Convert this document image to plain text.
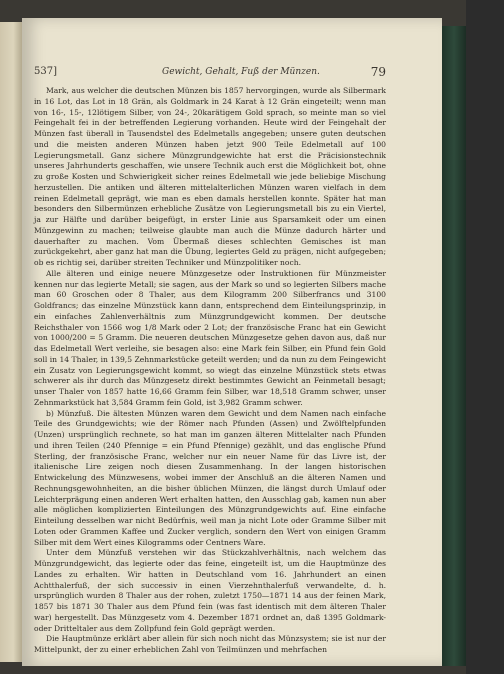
537]	Gewicht, Gehalt, Fuß der Münzen.	79

Mark, aus welcher die deutschen Münzen bis 1857 hervorgingen, wurde als Silbermark in 16 Lot, das Lot in 18 Grän, als Goldmark in 24 Karat à 12 Grän eingeteilt; wenn man von 16-, 15-, 12lötigem Silber, von 24-, 20karätigem Gold sprach, so meinte man so viel Feingehalt fei in der betreffenden Legierung vorhanden. Heute wird der Feingehalt der Münzen fast überall in Tausendstel des Edelmetalls angegeben; unsere guten deutschen und die meisten anderen Münzen haben jetzt 900 Teile Edelmetall auf 100 Legierungsmetall. Ganz sichere Münzgrundgewichte hat erst die Präcisionstechnik unseres Jahrhunderts geschaffen, wie unsere Technik auch erst die Möglichkeit bot, ohne zu große Kosten und Schwierigkeit sicher reines Edelmetall wie jede beliebige Mischung herzustellen. Die antiken und älteren mittelalterlichen Münzen waren vielfach in dem reinen Edelmetall geprägt, wie man es eben damals herstellen konnte. Später hat man besonders den Silbermünzen erhebliche Zusätze von Legierungsmetall bis zu ein Viertel, ja zur Hälfte und darüber beigefügt, in erster Linie aus Sparsamkeit oder um einen Münzgewinn zu machen; teilweise glaubte man auch die Münze dadurch härter und dauerhafter zu machen. Vom Übermaß dieses schlechten Gemisches ist man zurückgekehrt, aber ganz hat man die Übung, legiertes Geld zu prägen, nicht aufgegeben; ob es richtig sei, darüber streiten Techniker und Münzpolitiker noch.

Alle älteren und einige neuere Münzgesetze oder Instruktionen für Münzmeister kennen nur das legierte Metall; sie sagen, aus der Mark so und so legierten Silbers mache man 60 Groschen oder 8 Thaler, aus dem Kilogramm 200 Silberfrancs und 3100 Goldfrancs; das einzelne Münzstück kann dann, entsprechend dem Einteilungsprinzip, in ein einfaches Zahlenverhältnis zum Münzgrundgewicht kommen. Der deutsche Reichsthaler von 1566 wog 1/8 Mark oder 2 Lot; der französische Franc hat ein Gewicht von 1000/200 = 5 Gramm. Die neueren deutschen Münzgesetze gehen davon aus, daß nur das Edelmetall Wert verleihe, sie besagen also: eine Mark fein Silber, ein Pfund fein Gold soll in 14 Thaler, in 139,5 Zehnmarkstücke geteilt werden; und da nun zu dem Feingewicht ein Zusatz von Legierungsgewicht kommt, so wiegt das einzelne Münzstück stets etwas schwerer als ihr durch das Münzgesetz direkt bestimmtes Gewicht an Feinmetall besagt; unser Thaler von 1857 hatte 16,66 Gramm fein Silber, war 18,518 Gramm schwer, unser Zehnmarkstück hat 3,584 Gramm fein Gold, ist 3,982 Gramm schwer.

b) Münzfuß. Die ältesten Münzen waren dem Gewicht und dem Namen nach einfache Teile des Grundgewichts; wie der Römer nach Pfunden (Assen) und Zwölftelpfunden (Unzen) ursprünglich rechnete, so hat man im ganzen älteren Mittelalter nach Pfunden und ihren Teilen (240 Pfennige = ein Pfund Pfennige) gezählt, und das englische Pfund Sterling, der französische Franc, welcher nur ein neuer Name für das Livre ist, der italienische Lire zeigen noch diesen Zusammenhang. In der langen historischen Entwickelung des Münzwesens, wobei immer der Anschluß an die älteren Namen und Rechnungsgewohnheiten, an die bisher üblichen Münzen, die längst durch Umlauf oder Leichterprägung einen anderen Wert erhalten hatten, den Ausschlag gab, kamen nun aber alle möglichen komplizierten Einteilungen des Münzgrundgewichts auf. Eine einfache Einteilung desselben war nicht Bedürfnis, weil man ja nicht Lote oder Gramme Silber mit Loten oder Grammen Kaffee und Zucker verglich, sondern den Wert von einigen Gramm Silber mit dem Wert eines Kilogramms oder Centners Ware.

Unter dem Münzfuß verstehen wir das Stückzahlverhältnis, nach welchem das Münzgrundgewicht, das legierte oder das feine, eingeteilt ist, um die Hauptmünze des Landes zu erhalten. Wir hatten in Deutschland vom 16. Jahrhundert an einen Achtthalerfuß, der sich successiv in einen Vierzehnthalerfuß verwandelte, d. h. ursprünglich wurden 8 Thaler aus der rohen, zuletzt 1750—1871 14 aus der feinen Mark, 1857 bis 1871 30 Thaler aus dem Pfund fein (was fast identisch mit dem älteren Thaler war) hergestellt. Das Münzgesetz vom 4. Dezember 1871 ordnet an, daß 1395 Goldmark- oder Dritteltaler aus dem Zollpfund fein Gold geprägt werden.

Die Hauptmünze erklärt aber allein für sich noch nicht das Münzsystem; sie ist nur der Mittelpunkt, der zu einer erheblichen Zahl von Teilmünzen und mehrfachen
